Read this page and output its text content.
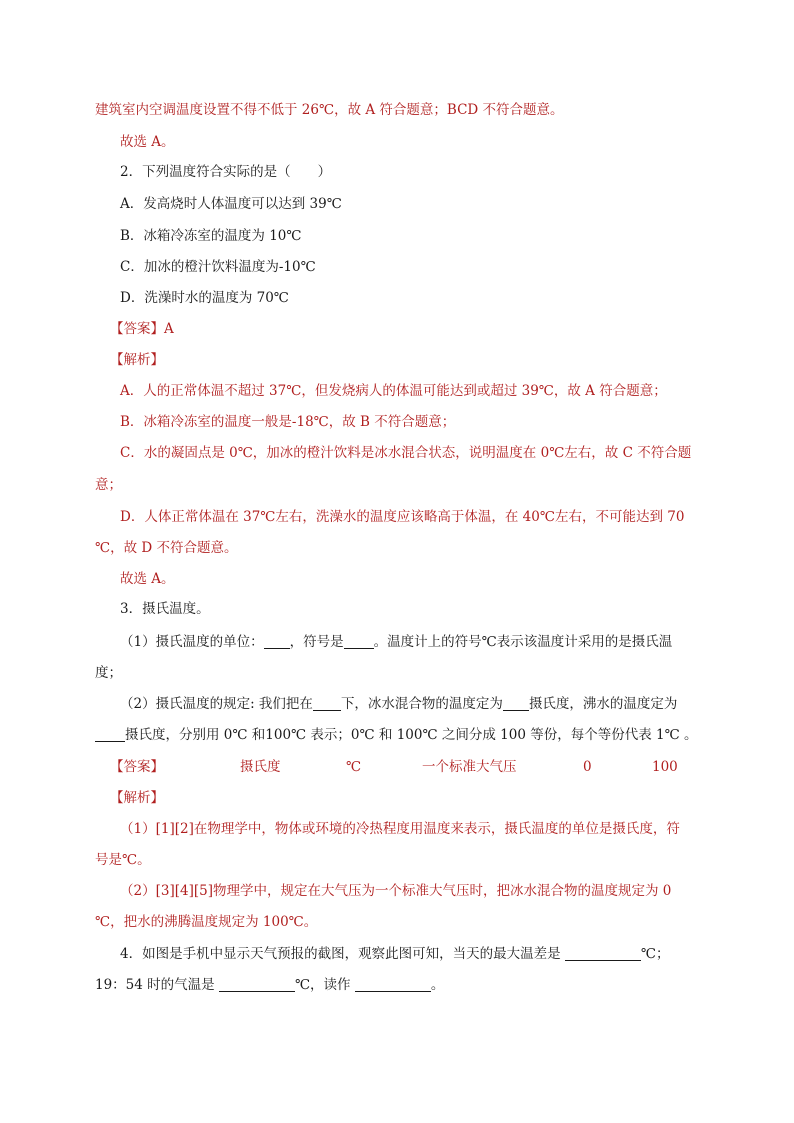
建筑室内空调温度设置不得不低于 26℃，故 A 符合题意；BCD 不符合题意。
故选 A。
2．下列温度符合实际的是（　　）
A．发高烧时人体温度可以达到 39℃
B．冰箱冷冻室的温度为 10℃
C．加冰的橙汁饮料温度为-10℃
D．洗澡时水的温度为 70℃
【答案】A
【解析】
A．人的正常体温不超过 37℃，但发烧病人的体温可能达到或超过 39℃，故 A 符合题意；
B．冰箱冷冻室的温度一般是-18℃，故 B 不符合题意；
C．水的凝固点是 0℃，加冰的橙汁饮料是冰水混合状态，说明温度在 0℃左右，故 C 不符合题
意；
D．人体正常体温在 37℃左右，洗澡水的温度应该略高于体温，在 40℃左右，不可能达到 70
℃，故 D 不符合题意。
故选 A。
3．摄氏温度。
（1）摄氏温度的单位： ，符号是 。温度计上的符号℃表示该温度计采用的是摄氏温
度；
（2）摄氏温度的规定: 我们把在 下，冰水混合物的温度定为 摄氏度，沸水的温度定为
摄氏度，分别用 0℃ 和100℃ 表示；0℃ 和 100℃ 之间分成 100 等份，每个等份代表 1℃ 。
【答案】	摄氏度	℃	一个标准大气压	0	100
【解析】
（1）[1][2]在物理学中，物体或环境的冷热程度用温度来表示，摄氏温度的单位是摄氏度，符
号是℃。
（2）[3][4][5]物理学中，规定在大气压为一个标准大气压时，把冰水混合物的温度规定为 0
℃，把水的沸腾温度规定为 100℃。
4．如图是手机中显示天气预报的截图，观察此图可知，当天的最大温差是	℃；
19：54 时的气温是	℃，读作	。
